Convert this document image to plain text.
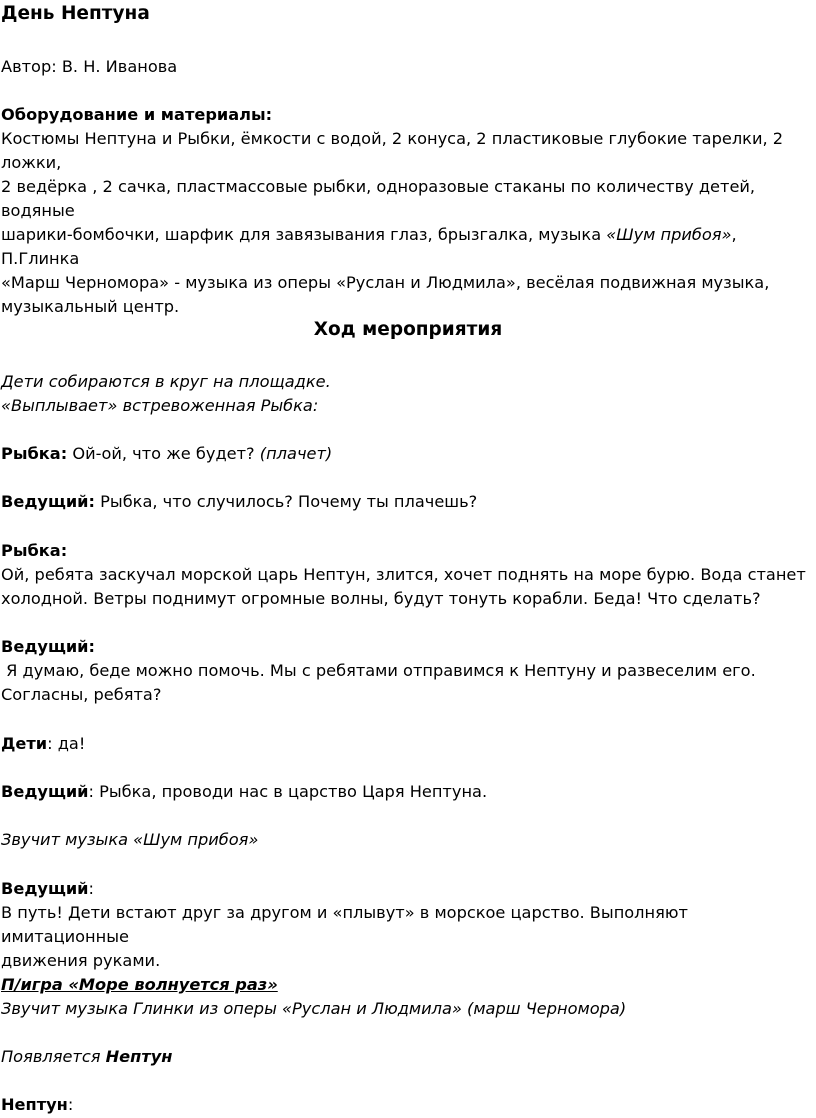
День Нептуна
Автор: В. Н. Иванова
Оборудование и материалы:
Костюмы Нептуна и Рыбки, ёмкости с водой, 2 конуса, 2 пластиковые глубокие тарелки, 2 ложки,
2 ведёрка , 2 сачка, пластмассовые рыбки, одноразовые стаканы по количеству детей, водяные
шарики-бомбочки, шарфик для завязывания глаз, брызгалка, музыка «Шум прибоя», П.Глинка
«Марш Черномора» - музыка из оперы «Руслан и Людмила», весёлая подвижная музыка,
музыкальный центр.
Ход мероприятия
Дети собираются в круг на площадке.
«Выплывает» встревоженная Рыбка:
Рыбка: Ой-ой, что же будет? (плачет)
Ведущий: Рыбка, что случилось? Почему ты плачешь?
Рыбка:
Ой, ребята заскучал морской царь Нептун, злится, хочет поднять на море бурю. Вода станет
холодной. Ветры поднимут огромные волны, будут тонуть корабли. Беда! Что сделать?
Ведущий:
Я думаю, беде можно помочь. Мы с ребятами отправимся к Нептуну и развеселим его.
Согласны, ребята?
Дети: да!
Ведущий: Рыбка, проводи нас в царство Царя Нептуна.
Звучит музыка «Шум прибоя»
Ведущий:
В путь! Дети встают друг за другом и «плывут» в морское царство. Выполняют имитационные
движения руками.
П/игра «Море волнуется раз»
Звучит музыка Глинки из оперы «Руслан и Людмила» (марш Черномора)
Появляется Нептун
Нептун:
